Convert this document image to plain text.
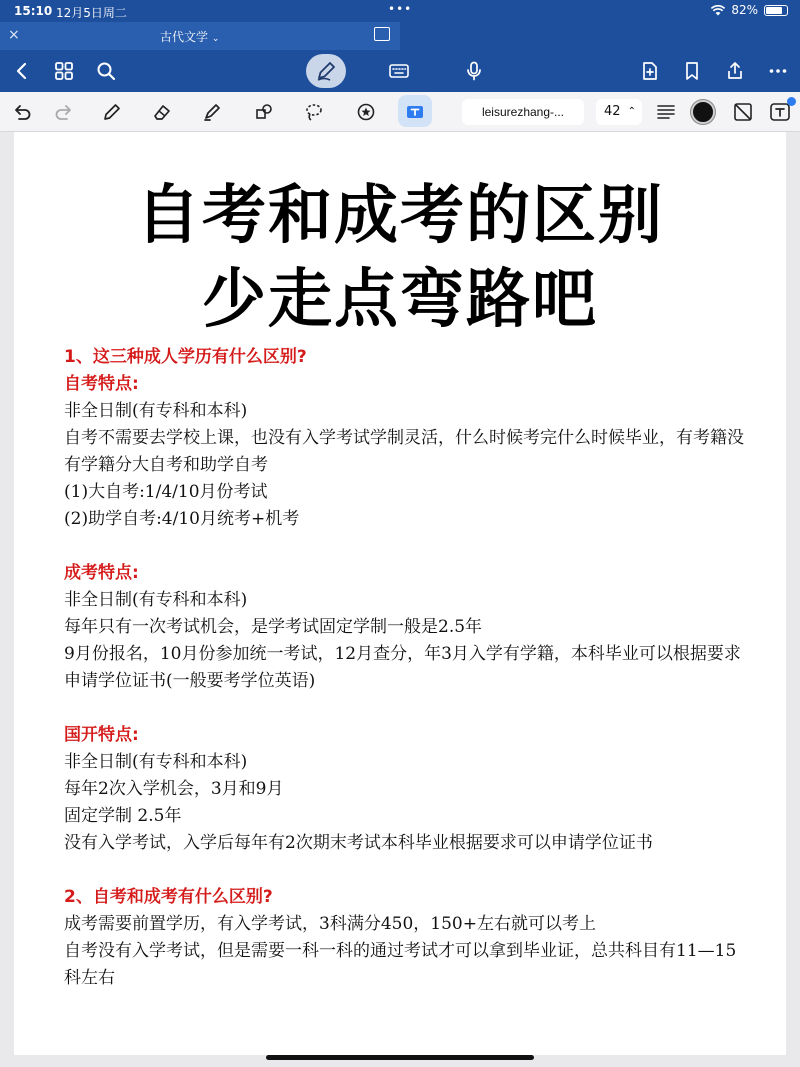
15:10 12月5日周二	•••	82%
×	古代文学 ⌄
leisurezhang-...	42 ⌃

自考和成考的区别
少走点弯路吧

1、这三种成人学历有什么区别?

自考特点:

非全日制(有专科和本科)

自考不需要去学校上课，也没有入学考试学制灵活，什么时候考完什么时候毕业，有考籍没有学籍分大自考和助学自考

(1)大自考:1/4/10月份考试

(2)助学自考:4/10月统考+机考

成考特点:

非全日制(有专科和本科)

每年只有一次考试机会，是学考试固定学制一般是2.5年

9月份报名，10月份参加统一考试，12月查分，年3月入学有学籍，本科毕业可以根据要求申请学位证书(一般要考学位英语)

国开特点:

非全日制(有专科和本科)

每年2次入学机会，3月和9月

固定学制 2.5年

没有入学考试，入学后每年有2次期末考试本科毕业根据要求可以申请学位证书

2、自考和成考有什么区别?

成考需要前置学历，有入学考试，3科满分450，150+左右就可以考上

自考没有入学考试，但是需要一科一科的通过考试才可以拿到毕业证，总共科目有11—15科左右
